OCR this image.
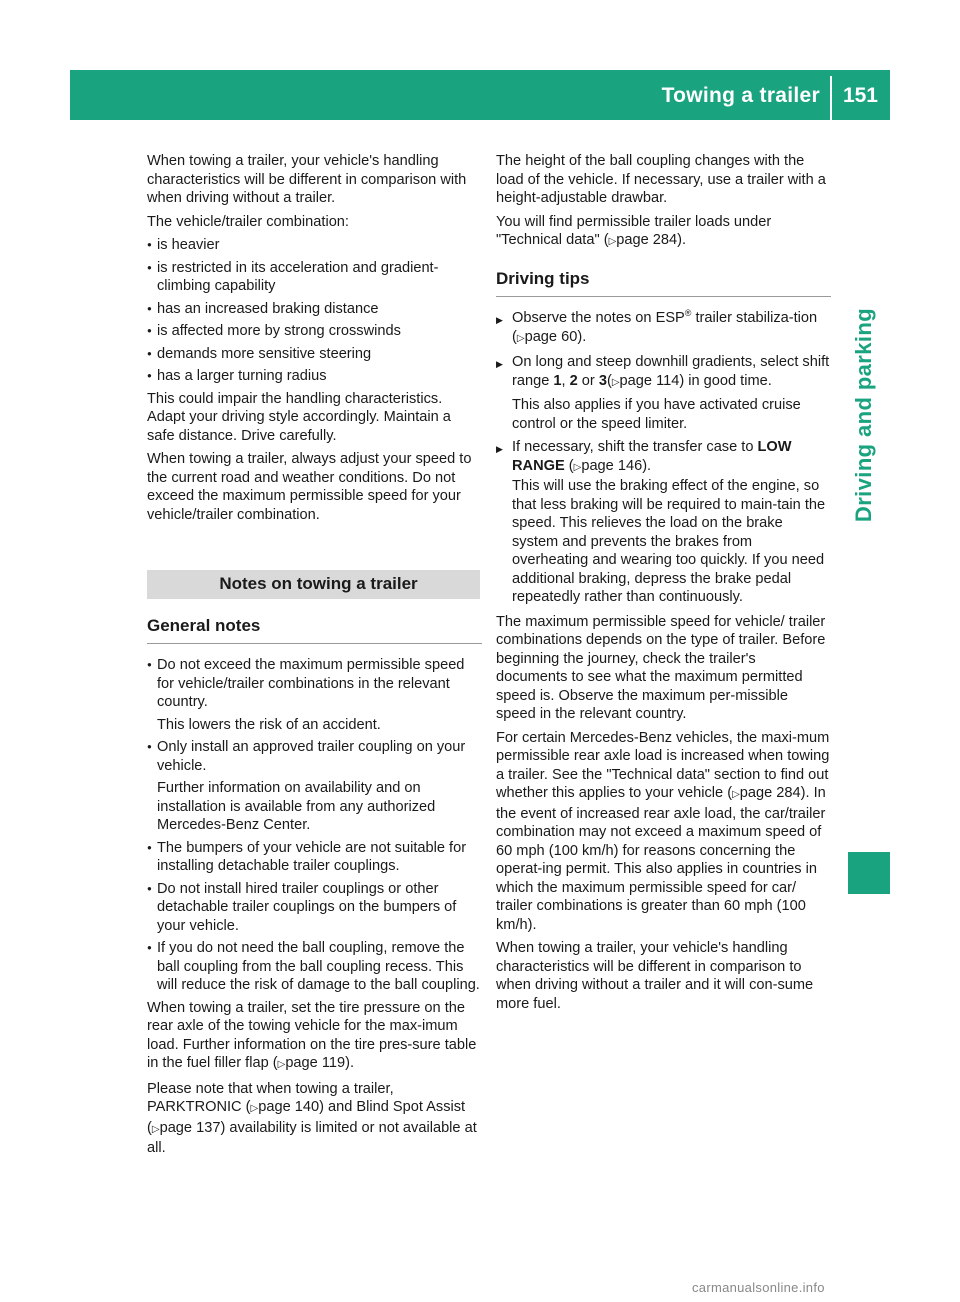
Towing a trailer 151
Driving and parking

When towing a trailer, your vehicle's handling characteristics will be different in comparison with when driving without a trailer.

The vehicle/trailer combination:

● is heavier
● is restricted in its acceleration and gradient-climbing capability
● has an increased braking distance
● is affected more by strong crosswinds
● demands more sensitive steering
● has a larger turning radius

This could impair the handling characteristics. Adapt your driving style accordingly. Maintain a safe distance. Drive carefully.

When towing a trailer, always adjust your speed to the current road and weather conditions. Do not exceed the maximum permissible speed for your vehicle/trailer combination.

Notes on towing a trailer
General notes
● Do not exceed the maximum permissible speed for vehicle/trailer combinations in the relevant country.
This lowers the risk of an accident.
● Only install an approved trailer coupling on your vehicle.
Further information on availability and on installation is available from any authorized Mercedes-Benz Center.
● The bumpers of your vehicle are not suitable for installing detachable trailer couplings.
● Do not install hired trailer couplings or other detachable trailer couplings on the bumpers of your vehicle.
● If you do not need the ball coupling, remove the ball coupling from the ball coupling recess. This will reduce the risk of damage to the ball coupling.

When towing a trailer, set the tire pressure on the rear axle of the towing vehicle for the max-imum load. Further information on the tire pres-sure table in the fuel filler flap (▷page 119).

Please note that when towing a trailer, PARKTRONIC (▷page 140) and Blind Spot Assist (▷page 137) availability is limited or not available at all.

The height of the ball coupling changes with the load of the vehicle. If necessary, use a trailer with a height-adjustable drawbar.

You will find permissible trailer loads under "Technical data" (▷page 284).

Driving tips
▶ Observe the notes on ESP® trailer stabiliza-tion (▷page 60).
▶ On long and steep downhill gradients, select shift range 1, 2 or 3(▷page 114) in good time.
This also applies if you have activated cruise control or the speed limiter.
▶ If necessary, shift the transfer case to LOW RANGE (▷page 146).
This will use the braking effect of the engine, so that less braking will be required to main-tain the speed. This relieves the load on the brake system and prevents the brakes from overheating and wearing too quickly. If you need additional braking, depress the brake pedal repeatedly rather than continuously.

The maximum permissible speed for vehicle/ trailer combinations depends on the type of trailer. Before beginning the journey, check the trailer's documents to see what the maximum permitted speed is. Observe the maximum per-missible speed in the relevant country.

For certain Mercedes-Benz vehicles, the maxi-mum permissible rear axle load is increased when towing a trailer. See the "Technical data" section to find out whether this applies to your vehicle (▷page 284). In the event of increased rear axle load, the car/trailer combination may not exceed a maximum speed of 60 mph (100 km/h) for reasons concerning the operat-ing permit. This also applies in countries in which the maximum permissible speed for car/ trailer combinations is greater than 60 mph (100 km/h).

When towing a trailer, your vehicle's handling characteristics will be different in comparison to when driving without a trailer and it will con-sume more fuel.

carmanualsonline.info
